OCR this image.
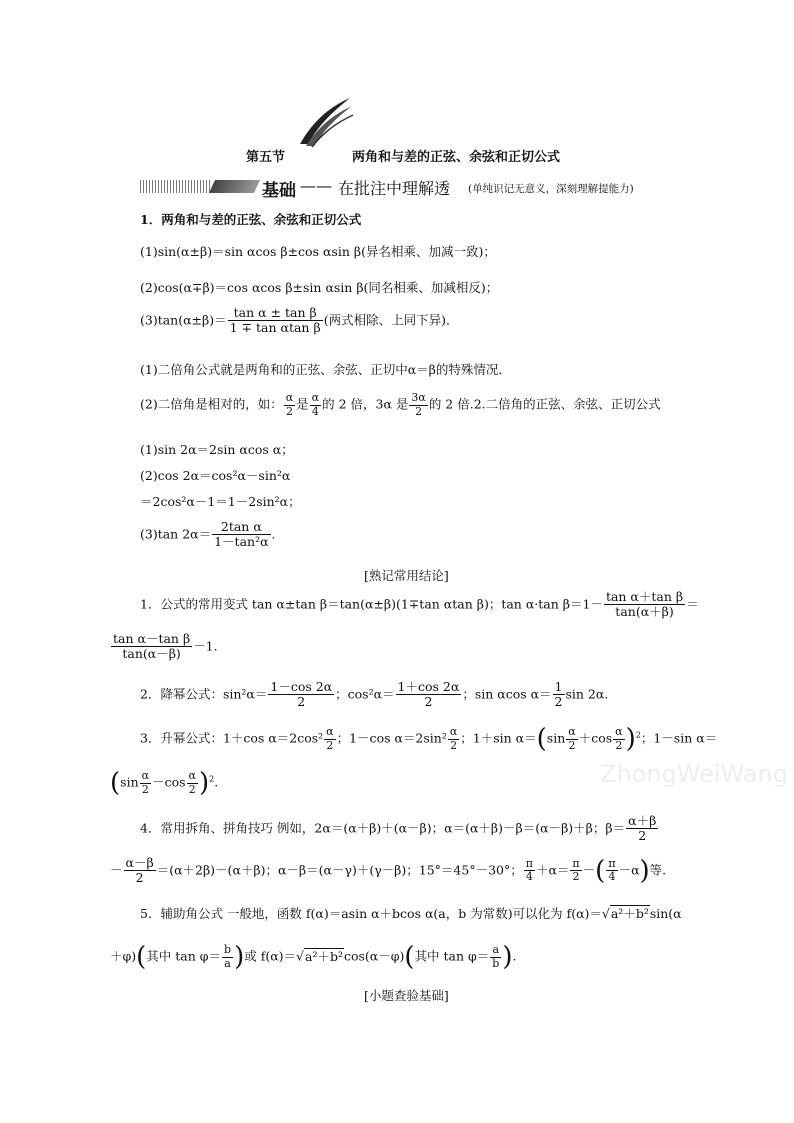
第五节	两角和与差的正弦、余弦和正切公式
基础 —— 在批注中理解透 (单纯识记无意义，深刻理解提能力)
1．两角和与差的正弦、余弦和正切公式
(1)sin(α±β)＝sin αcos β±cos αsin β(异名相乘、加减一致)；
(2)cos(α∓β)＝cos αcos β±sin αsin β(同名相乘、加减相反)；
$(3)\tan(\alpha\pm\beta)= \frac{\text{tan α ± tan β}}{\text{1 ∓ tan αtan β}}$ (两式相除、上同下异)．
(1)二倍角公式就是两角和的正弦、余弦、正切中α＝β的特殊情况．
(2)二倍角是相对的，如： $\frac{\alpha}{2}$ 是 $\frac{\alpha}{4}$ 的 2 倍，3α 是 $\frac{3\alpha}{2}$ 的 2 倍.2.二倍角的正弦、余弦、正切公式
(1)sin 2α＝2sin αcos α；
(2)cos 2α＝cos²α－sin²α
＝2cos²α－1＝1－2sin²α；
(3)tan $2\alpha= \frac{\text{2tan α}}{\text{1－tan²α}}$ .
[熟记常用结论]
1．公式的常用变式 tan α±tan β＝tan(α±β)(1∓tan αtan β)；tan α·tan $\beta=1- \frac{\text{tan α＋tan β}}{\tan(\alpha+\beta)}$ ＝
$\frac{\text{tan α－tan β}}{\tan(\alpha-\beta)} -1$.
2．降幂公式：$\sin^2\alpha= \frac{1-\cos 2\alpha}{2}$ ；$\cos^2\alpha= \frac{1+\cos 2\alpha}{2}$ ；sin αcos $\alpha= \frac{1}{2}$ sin 2α.
3．升幂公式：1＋cos $\alpha=2\cos^2 \frac{\alpha}{2}$ ；1－cos $\alpha=2\sin^2 \frac{\alpha}{2}$ ；1＋sin $\alpha=(\sin \frac{\alpha}{2} +\cos \frac{\alpha}{2} )^2$；1－sin α＝
$(\sin \frac{\alpha}{2} -\cos \frac{\alpha}{2} )^2$.
4．常用拆角、拼角技巧 例如，2α＝(α＋β)＋(α－β)；α＝(α＋β)－β＝(α－β)＋β；$\beta= \frac{\alpha+\beta}{2}$
－ $\frac{\alpha-\beta}{2} =(\alpha+2\beta)-(\alpha+\beta)$；α－β＝(α－γ)＋(γ－β)；15°＝45°－30°； $\frac{\pi}{4} +\alpha= \frac{\pi}{2}$ －( $\frac{\pi}{4} -\alpha$)等.
5．辅助角公式 一般地，函数 f(α)＝asin α＋bcos α(a，b 为常数)可以化为 f(α)＝√a²＋b²sin(α
＋φ)(其中 $\tan \varphi= \frac{b}{a}$ )或 f(α)＝√a²＋b²cos(α－φ)(其中 $\tan \varphi= \frac{a}{b}$ ).
[小题查验基础]
ZhongWeiWang
